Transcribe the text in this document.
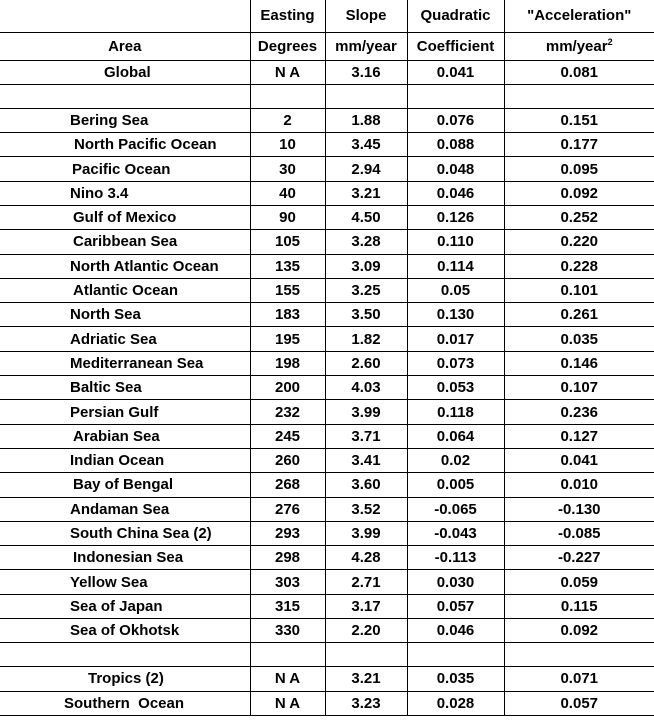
	Easting	Slope	Quadratic	"Acceleration"
Area	Degrees	mm/year	Coefficient	mm/year$^2$
Global	N A	3.16	0.041	0.081

Bering Sea	2	1.88	0.076	0.151
North Pacific Ocean	10	3.45	0.088	0.177
Pacific Ocean	30	2.94	0.048	0.095
Nino 3.4	40	3.21	0.046	0.092
Gulf of Mexico	90	4.50	0.126	0.252
Caribbean Sea	105	3.28	0.110	0.220
North Atlantic Ocean	135	3.09	0.114	0.228
Atlantic Ocean	155	3.25	0.05	0.101
North Sea	183	3.50	0.130	0.261
Adriatic Sea	195	1.82	0.017	0.035
Mediterranean Sea	198	2.60	0.073	0.146
Baltic Sea	200	4.03	0.053	0.107
Persian Gulf	232	3.99	0.118	0.236
Arabian Sea	245	3.71	0.064	0.127
Indian Ocean	260	3.41	0.02	0.041
Bay of Bengal	268	3.60	0.005	0.010
Andaman Sea	276	3.52	-0.065	-0.130
South China Sea (2)	293	3.99	-0.043	-0.085
Indonesian Sea	298	4.28	-0.113	-0.227
Yellow Sea	303	2.71	0.030	0.059
Sea of Japan	315	3.17	0.057	0.115
Sea of Okhotsk	330	2.20	0.046	0.092

Tropics (2)	N A	3.21	0.035	0.071
Southern  Ocean	N A	3.23	0.028	0.057
